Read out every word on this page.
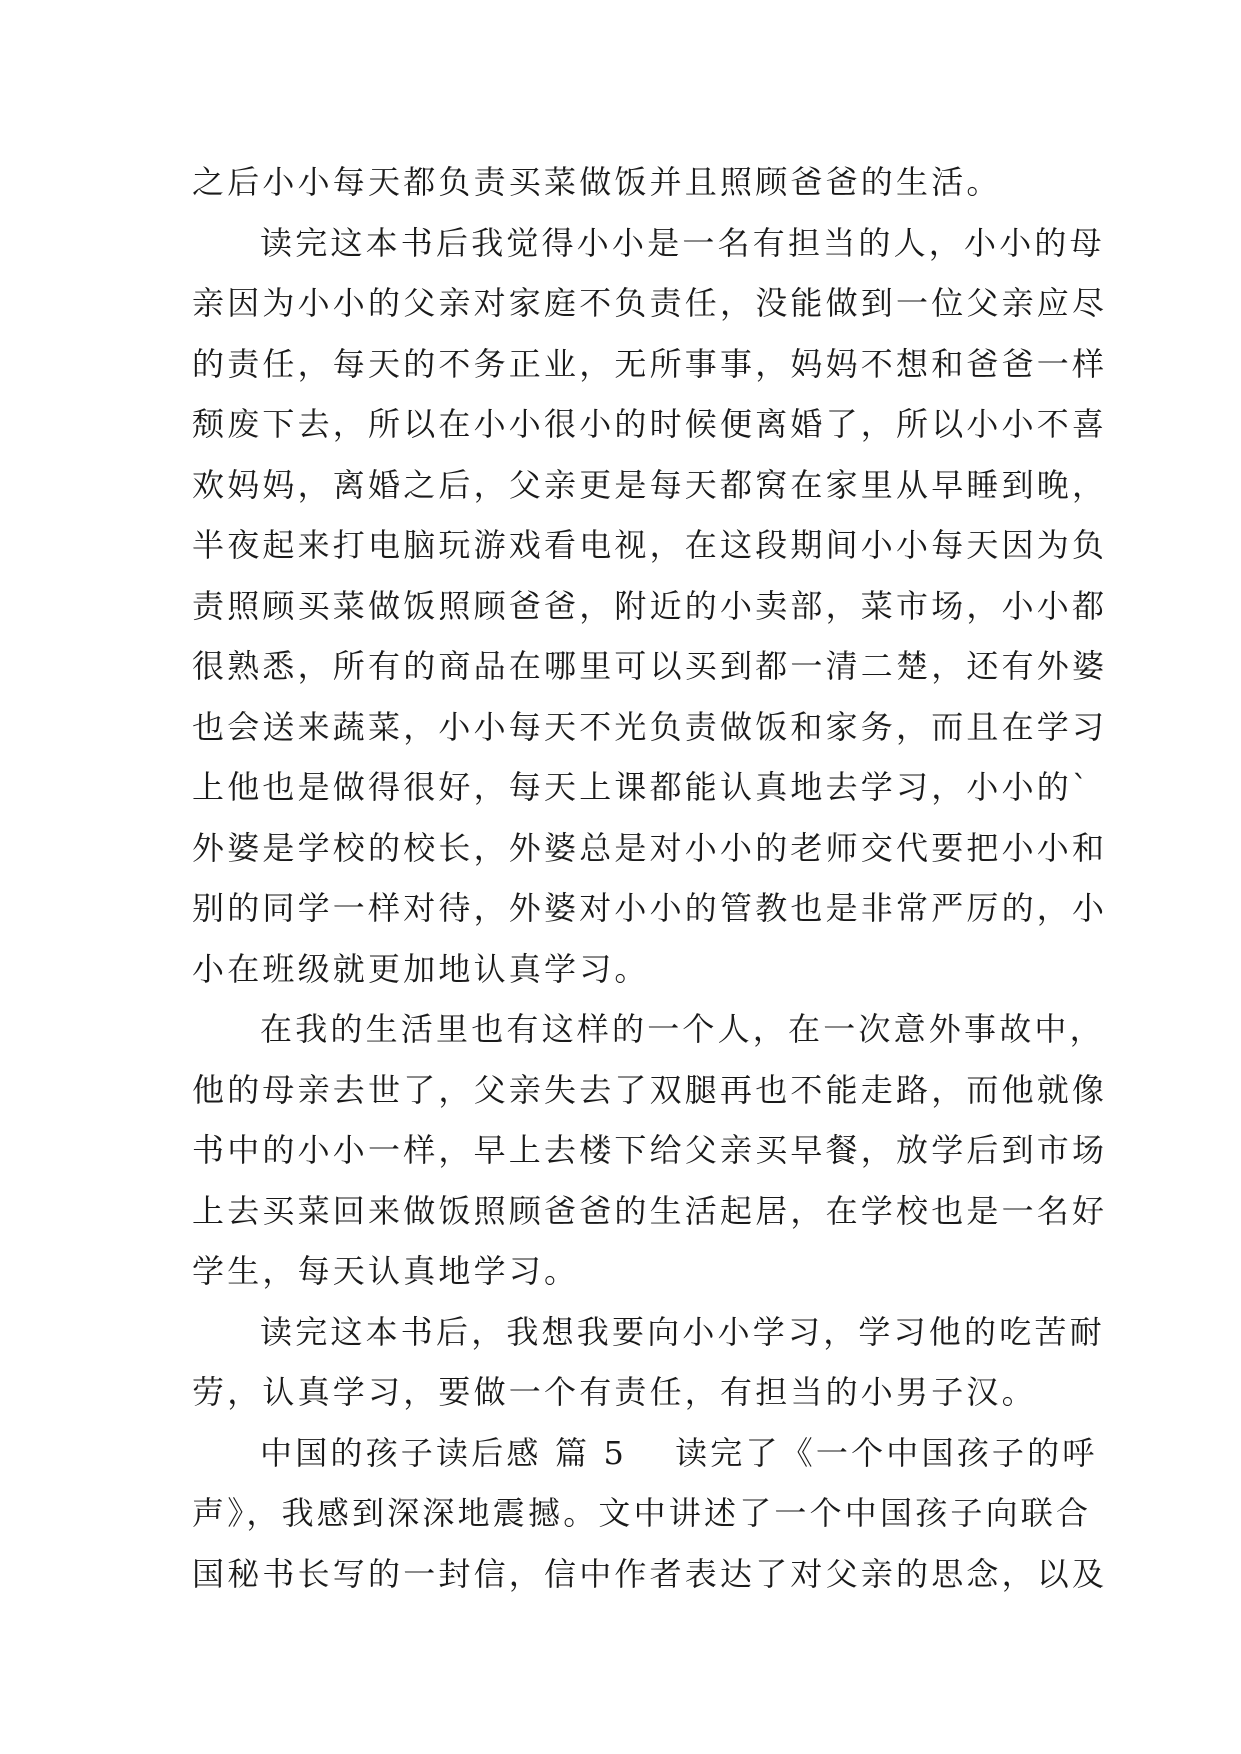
之后小小每天都负责买菜做饭并且照顾爸爸的生活。
读完这本书后我觉得小小是一名有担当的人，小小的母
亲因为小小的父亲对家庭不负责任，没能做到一位父亲应尽
的责任，每天的不务正业，无所事事，妈妈不想和爸爸一样
颓废下去，所以在小小很小的时候便离婚了，所以小小不喜
欢妈妈，离婚之后，父亲更是每天都窝在家里从早睡到晚，
半夜起来打电脑玩游戏看电视，在这段期间小小每天因为负
责照顾买菜做饭照顾爸爸，附近的小卖部，菜市场，小小都
很熟悉，所有的商品在哪里可以买到都一清二楚，还有外婆
也会送来蔬菜，小小每天不光负责做饭和家务，而且在学习
上他也是做得很好，每天上课都能认真地去学习，小小的`
外婆是学校的校长，外婆总是对小小的老师交代要把小小和
别的同学一样对待，外婆对小小的管教也是非常严厉的，小
小在班级就更加地认真学习。
在我的生活里也有这样的一个人，在一次意外事故中，
他的母亲去世了，父亲失去了双腿再也不能走路，而他就像
书中的小小一样，早上去楼下给父亲买早餐，放学后到市场
上去买菜回来做饭照顾爸爸的生活起居，在学校也是一名好
学生，每天认真地学习。
读完这本书后，我想我要向小小学习，学习他的吃苦耐
劳，认真学习，要做一个有责任，有担当的小男子汉。
中国的孩子读后感 篇 5 读完了《一个中国孩子的呼
声》，我感到深深地震撼。文中讲述了一个中国孩子向联合
国秘书长写的一封信，信中作者表达了对父亲的思念，以及
